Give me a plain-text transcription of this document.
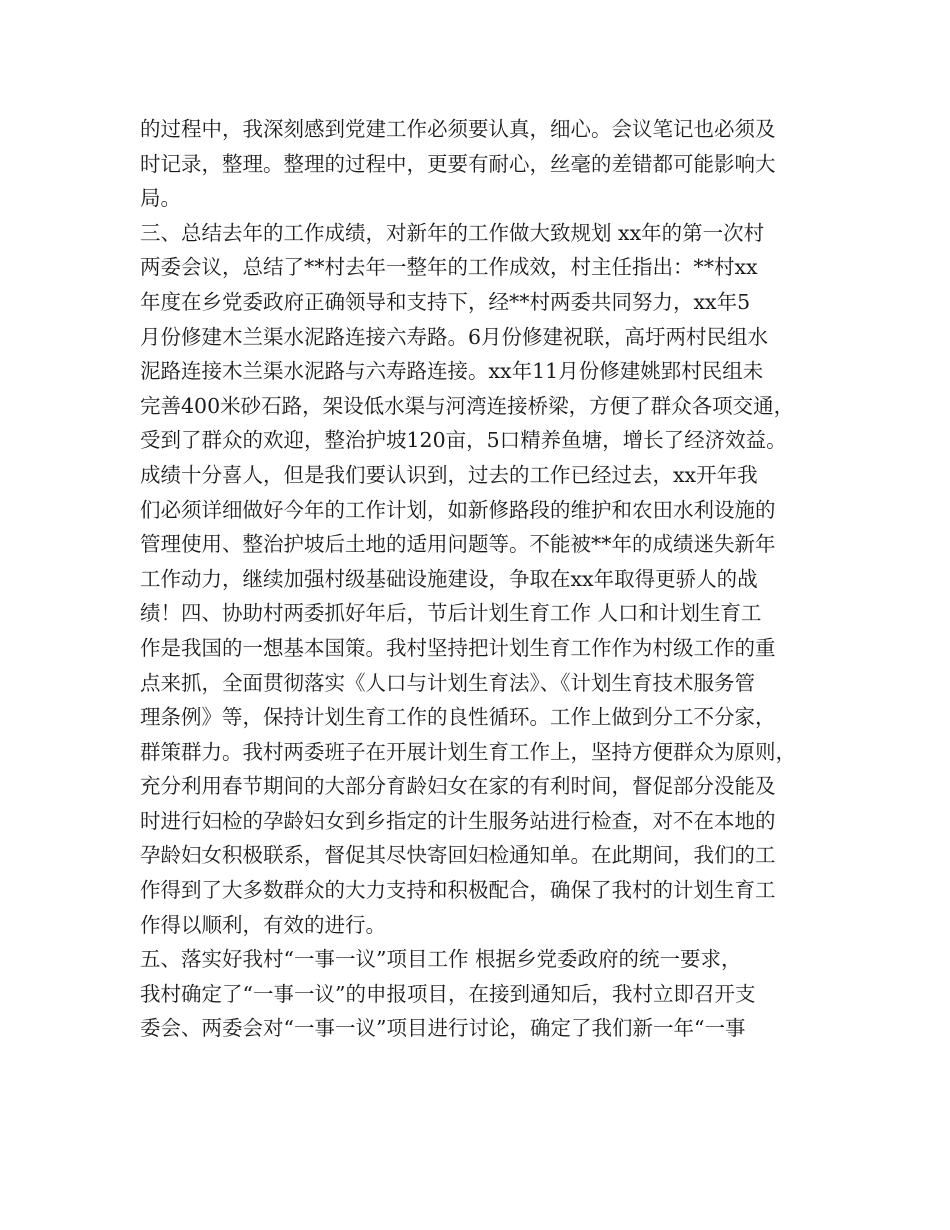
的过程中，我深刻感到党建工作必须要认真，细心。会议笔记也必须及
时记录，整理。整理的过程中，更要有耐心，丝毫的差错都可能影响大
局。
三、总结去年的工作成绩，对新年的工作做大致规划 xx年的第一次村
两委会议，总结了**村去年一整年的工作成效，村主任指出：**村xx
年度在乡党委政府正确领导和支持下，经**村两委共同努力，xx年5
月份修建木兰渠水泥路连接六寿路。6月份修建祝联，高圩两村民组水
泥路连接木兰渠水泥路与六寿路连接。xx年11月份修建姚郢村民组未
完善400米砂石路，架设低水渠与河湾连接桥梁，方便了群众各项交通，
受到了群众的欢迎，整治护坡120亩，5口精养鱼塘，增长了经济效益。
成绩十分喜人，但是我们要认识到，过去的工作已经过去，xx开年我
们必须详细做好今年的工作计划，如新修路段的维护和农田水利设施的
管理使用、整治护坡后土地的适用问题等。不能被**年的成绩迷失新年
工作动力，继续加强村级基础设施建设，争取在xx年取得更骄人的战
绩！四、协助村两委抓好年后，节后计划生育工作 人口和计划生育工
作是我国的一想基本国策。我村坚持把计划生育工作作为村级工作的重
点来抓，全面贯彻落实《人口与计划生育法》、《计划生育技术服务管
理条例》等，保持计划生育工作的良性循环。工作上做到分工不分家，
群策群力。我村两委班子在开展计划生育工作上，坚持方便群众为原则，
充分利用春节期间的大部分育龄妇女在家的有利时间，督促部分没能及
时进行妇检的孕龄妇女到乡指定的计生服务站进行检查，对不在本地的
孕龄妇女积极联系，督促其尽快寄回妇检通知单。在此期间，我们的工
作得到了大多数群众的大力支持和积极配合，确保了我村的计划生育工
作得以顺利，有效的进行。
五、落实好我村“一事一议”项目工作 根据乡党委政府的统一要求，
我村确定了“一事一议”的申报项目，在接到通知后，我村立即召开支
委会、两委会对“一事一议”项目进行讨论，确定了我们新一年“一事
